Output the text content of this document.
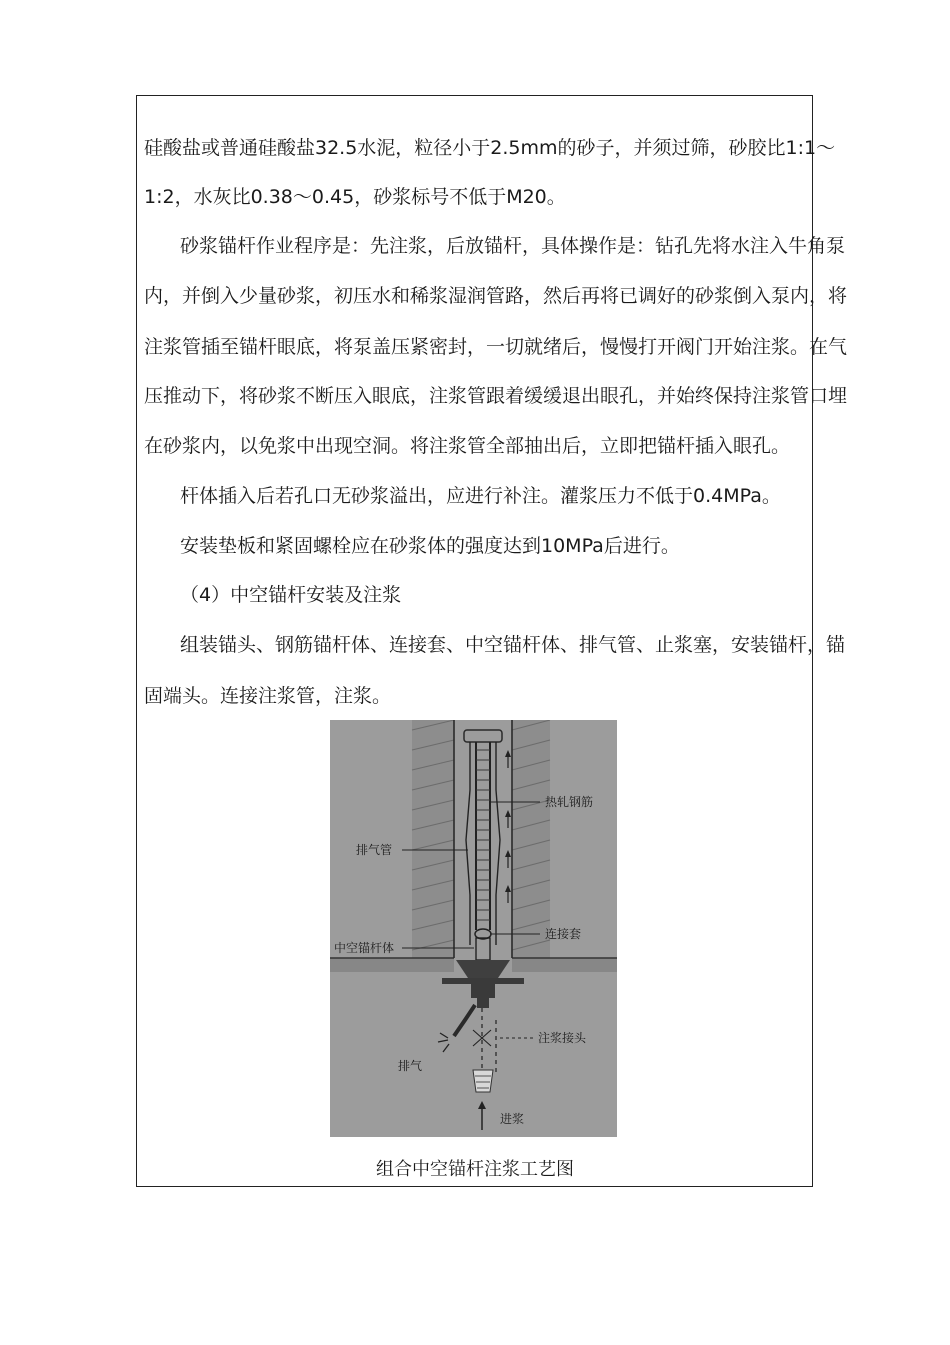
硅酸盐或普通硅酸盐32.5水泥，粒径小于2.5mm的砂子，并须过筛，砂胶比1:1～
1:2，水灰比0.38～0.45，砂浆标号不低于M20。
砂浆锚杆作业程序是：先注浆，后放锚杆，具体操作是：钻孔先将水注入牛角泵
内，并倒入少量砂浆，初压水和稀浆湿润管路，然后再将已调好的砂浆倒入泵内，将
注浆管插至锚杆眼底，将泵盖压紧密封，一切就绪后，慢慢打开阀门开始注浆。在气
压推动下，将砂浆不断压入眼底，注浆管跟着缓缓退出眼孔，并始终保持注浆管口埋
在砂浆内，以免浆中出现空洞。将注浆管全部抽出后，立即把锚杆插入眼孔。
杆体插入后若孔口无砂浆溢出，应进行补注。灌浆压力不低于0.4MPa。
安装垫板和紧固螺栓应在砂浆体的强度达到10MPa后进行。
（4）中空锚杆安装及注浆
组装锚头、钢筋锚杆体、连接套、中空锚杆体、排气管、止浆塞，安装锚杆，锚
固端头。连接注浆管，注浆。
热轧钢筋
排气管
连接套
中空锚杆体
排气
注浆接头
进浆
组合中空锚杆注浆工艺图
